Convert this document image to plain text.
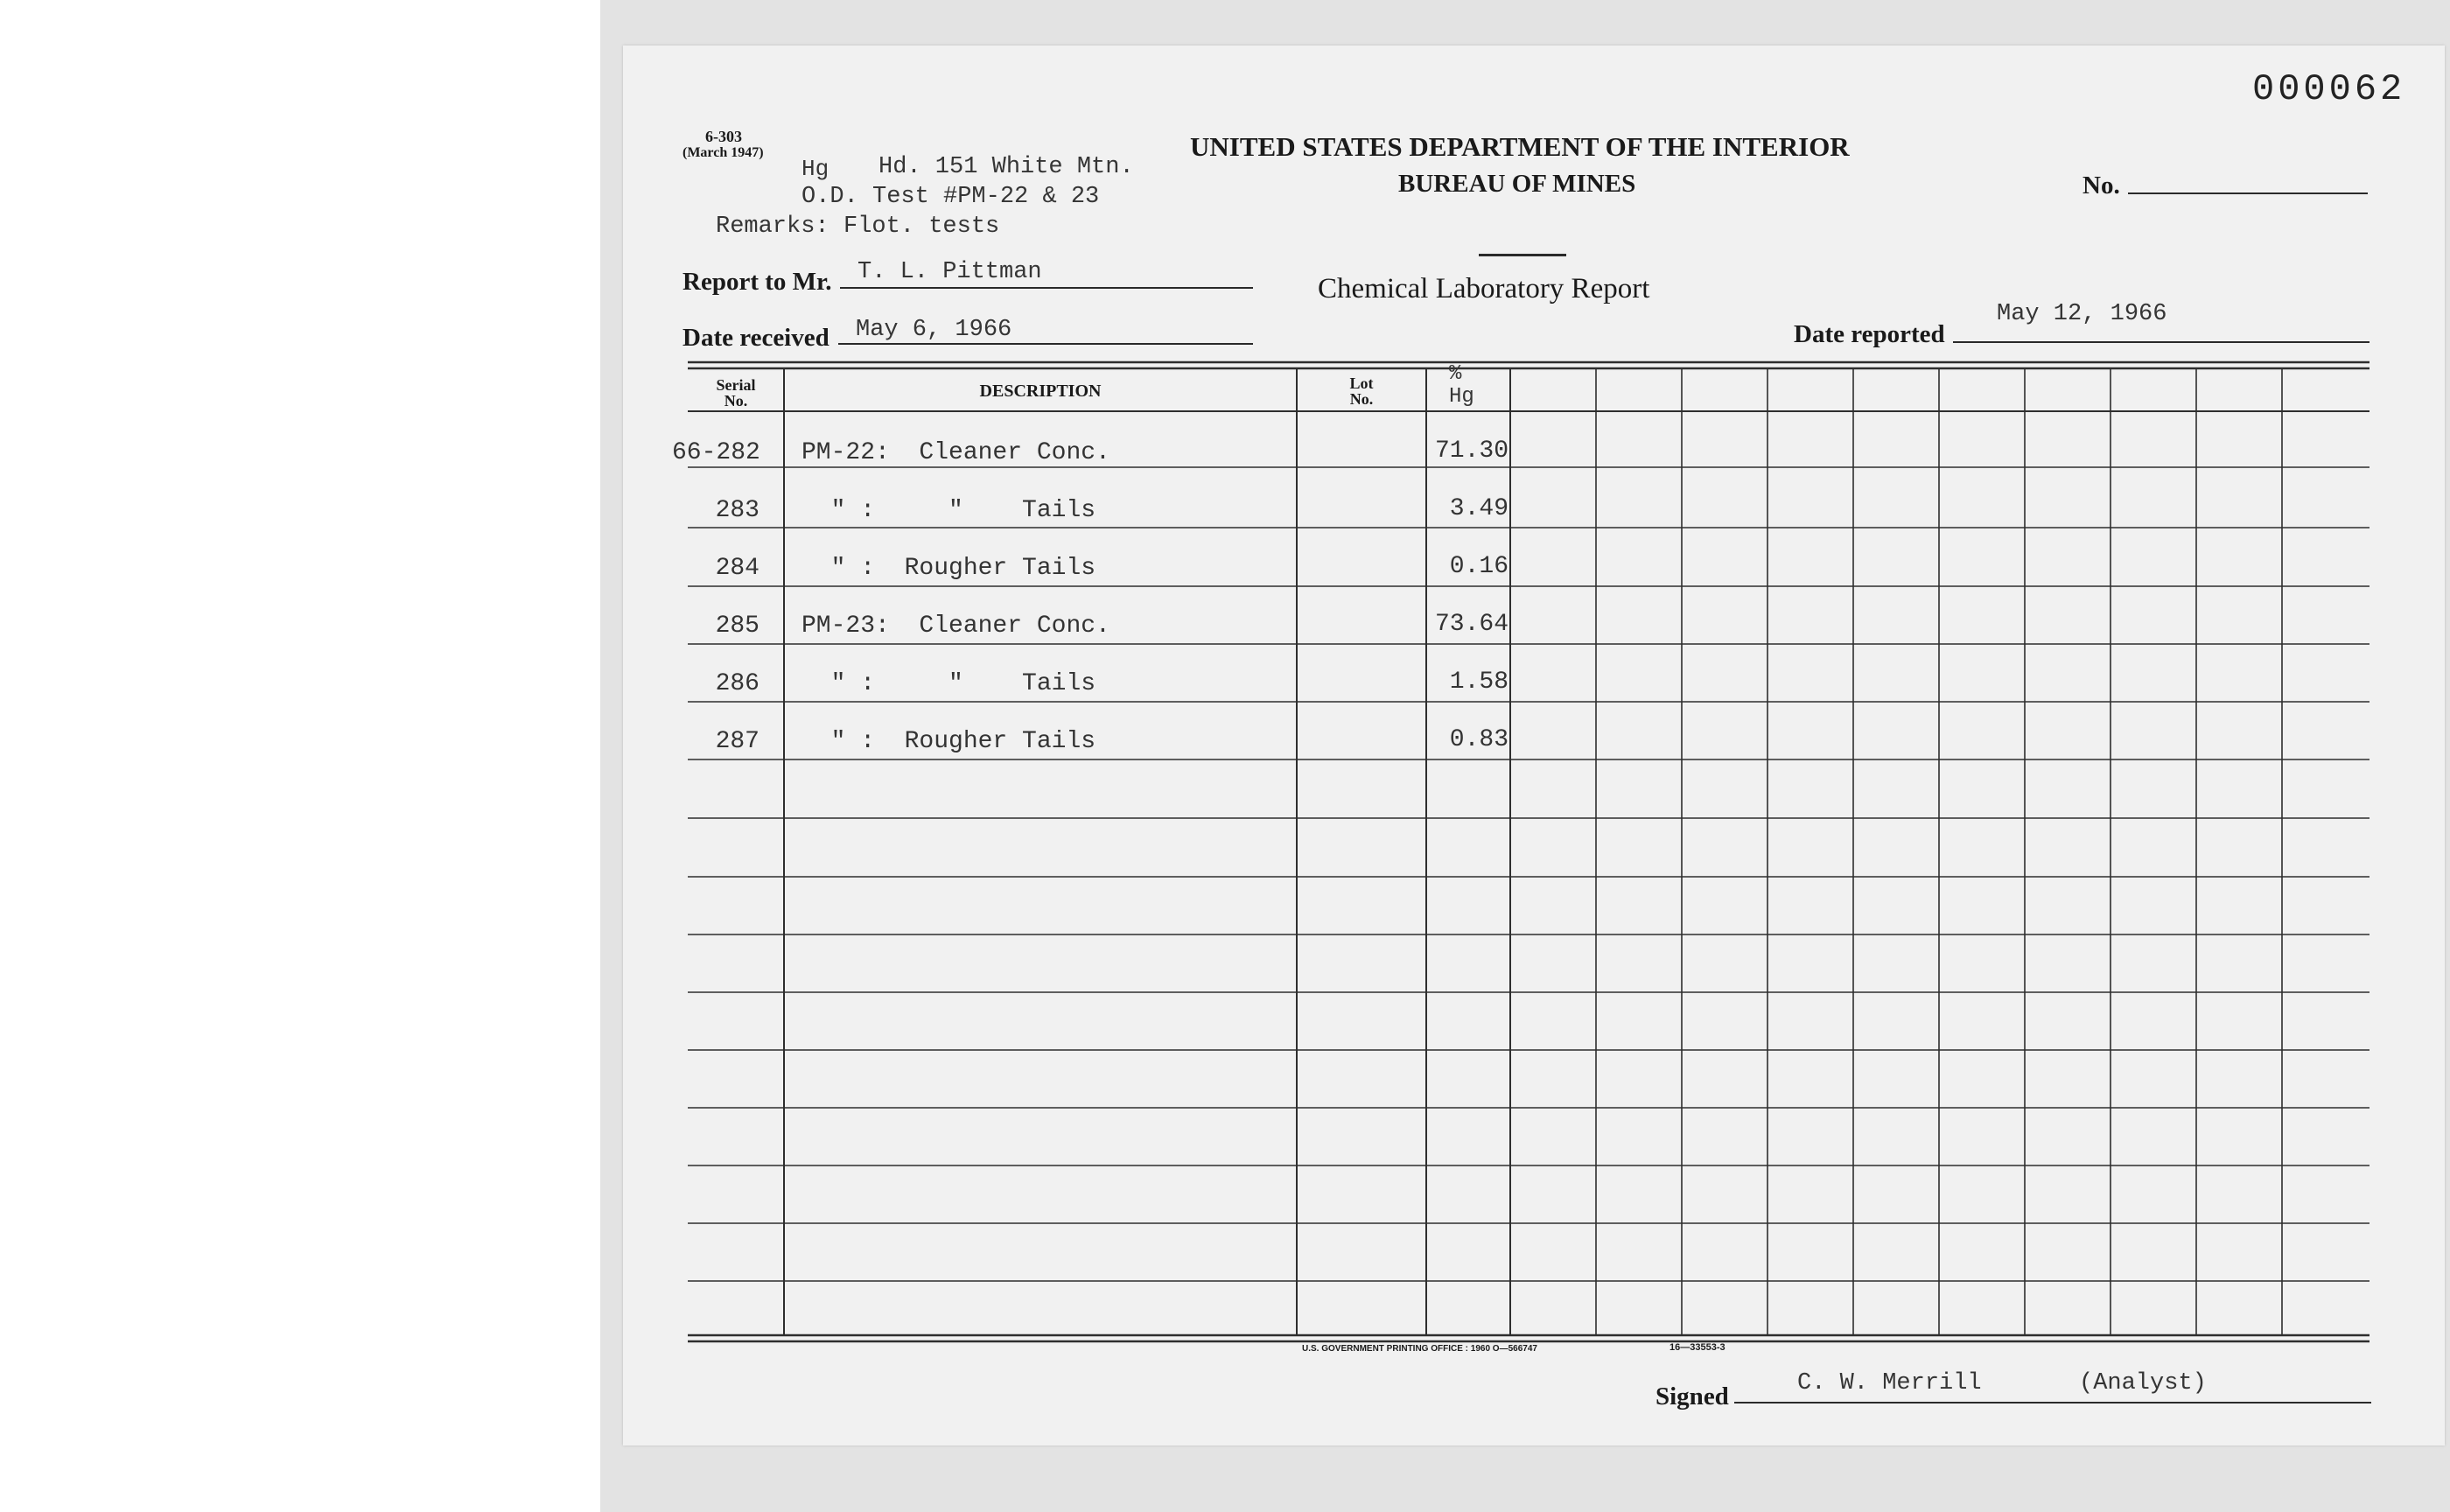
000062
6-303
(March 1947)
Hg Hd. 151 White Mtn.
O.D. Test #PM-22 & 23
Remarks: Flot. tests
UNITED STATES DEPARTMENT OF THE INTERIOR
BUREAU OF MINES
Chemical Laboratory Report
No.
Report to Mr. T. L. Pittman
Date received May 6, 1966	Date reported
May 12, 1966
Serial
No.	DESCRIPTION	Lot
No.
%
Hg
66-282 PM-22:  Cleaner Conc.	71.30
283 " :     "    Tails	3.49
284 " :  Rougher Tails	0.16
285 PM-23:  Cleaner Conc.	73.64
286 " :     "    Tails	1.58
287 " :  Rougher Tails	0.83
U.S. GOVERNMENT PRINTING OFFICE : 1960 O—566747	16—33553-3
Signed	C. W. Merrill	(Analyst)
